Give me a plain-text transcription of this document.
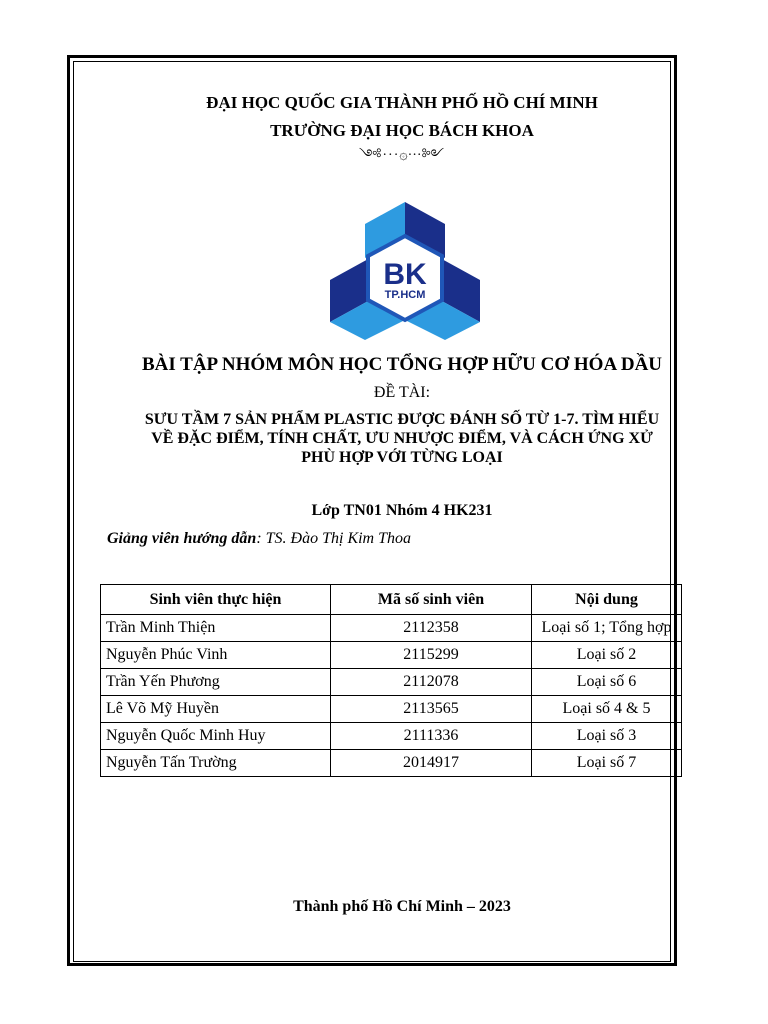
ĐẠI HỌC QUỐC GIA THÀNH PHỐ HỒ CHÍ MINH
TRƯỜNG ĐẠI HỌC BÁCH KHOA
༺···۞···༻
BK
TP.HCM
BÀI TẬP NHÓM MÔN HỌC TỔNG HỢP HỮU CƠ HÓA DẦU
ĐỀ TÀI:
SƯU TẦM 7 SẢN PHẨM PLASTIC ĐƯỢC ĐÁNH SỐ TỪ 1-7. TÌM HIỂU
VỀ ĐẶC ĐIỂM, TÍNH CHẤT, ƯU NHƯỢC ĐIỂM, VÀ CÁCH ỨNG XỬ
PHÙ HỢP VỚI TỪNG LOẠI
Lớp TN01 Nhóm 4 HK231
Giảng viên hướng dẫn: TS. Đào Thị Kim Thoa
Sinh viên thực hiện	Mã số sinh viên	Nội dung
Trần Minh Thiện	2112358	Loại số 1; Tổng hợp
Nguyễn Phúc Vinh	2115299	Loại số 2
Trần Yến Phương	2112078	Loại số 6
Lê Võ Mỹ Huyền	2113565	Loại số 4 & 5
Nguyễn Quốc Minh Huy	2111336	Loại số 3
Nguyễn Tấn Trường	2014917	Loại số 7
Thành phố Hồ Chí Minh – 2023
